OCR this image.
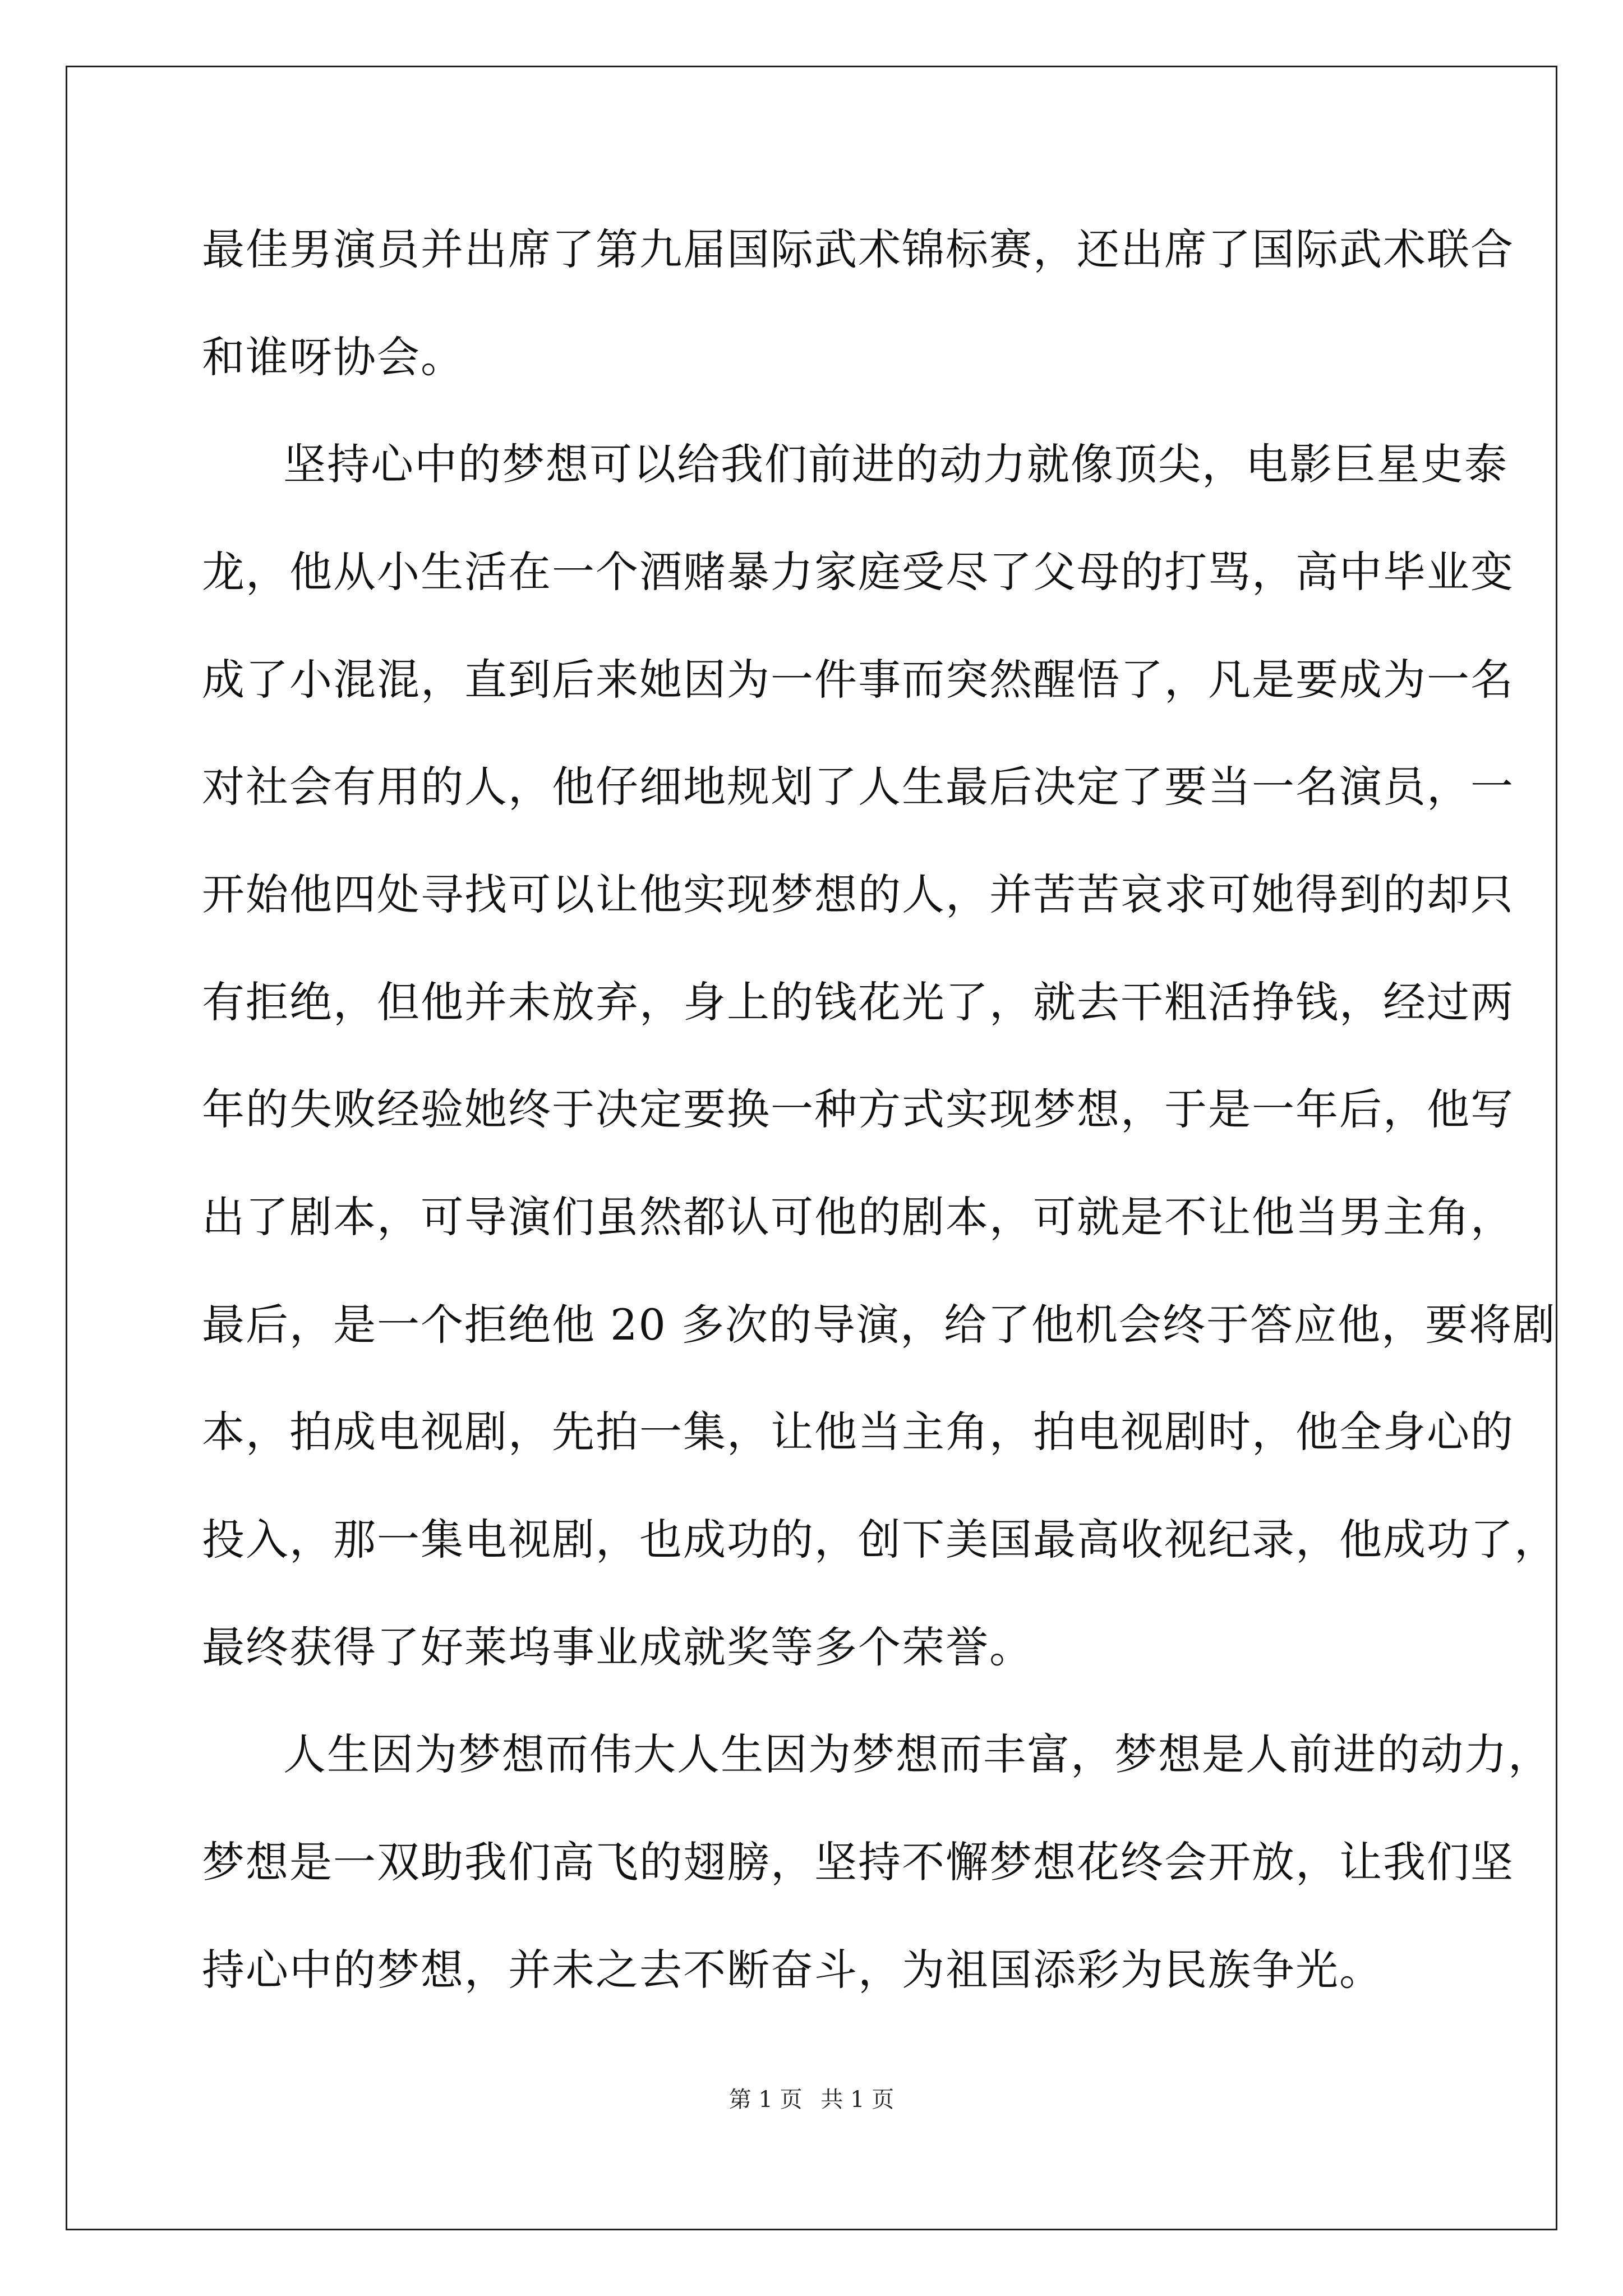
最佳男演员并出席了第九届国际武术锦标赛，还出席了国际武术联合
和谁呀协会。
坚持心中的梦想可以给我们前进的动力就像顶尖，电影巨星史泰
龙，他从小生活在一个酒赌暴力家庭受尽了父母的打骂，高中毕业变
成了小混混，直到后来她因为一件事而突然醒悟了，凡是要成为一名
对社会有用的人，他仔细地规划了人生最后决定了要当一名演员，一
开始他四处寻找可以让他实现梦想的人，并苦苦哀求可她得到的却只
有拒绝，但他并未放弃，身上的钱花光了，就去干粗活挣钱，经过两
年的失败经验她终于决定要换一种方式实现梦想，于是一年后，他写
出了剧本，可导演们虽然都认可他的剧本，可就是不让他当男主角，
最后，是一个拒绝他 20 多次的导演，给了他机会终于答应他，要将剧
本，拍成电视剧，先拍一集，让他当主角，拍电视剧时，他全身心的
投入，那一集电视剧，也成功的，创下美国最高收视纪录，他成功了，
最终获得了好莱坞事业成就奖等多个荣誉。
人生因为梦想而伟大人生因为梦想而丰富，梦想是人前进的动力，
梦想是一双助我们高飞的翅膀，坚持不懈梦想花终会开放，让我们坚
持心中的梦想，并未之去不断奋斗，为祖国添彩为民族争光。
第 1 页 共 1 页
